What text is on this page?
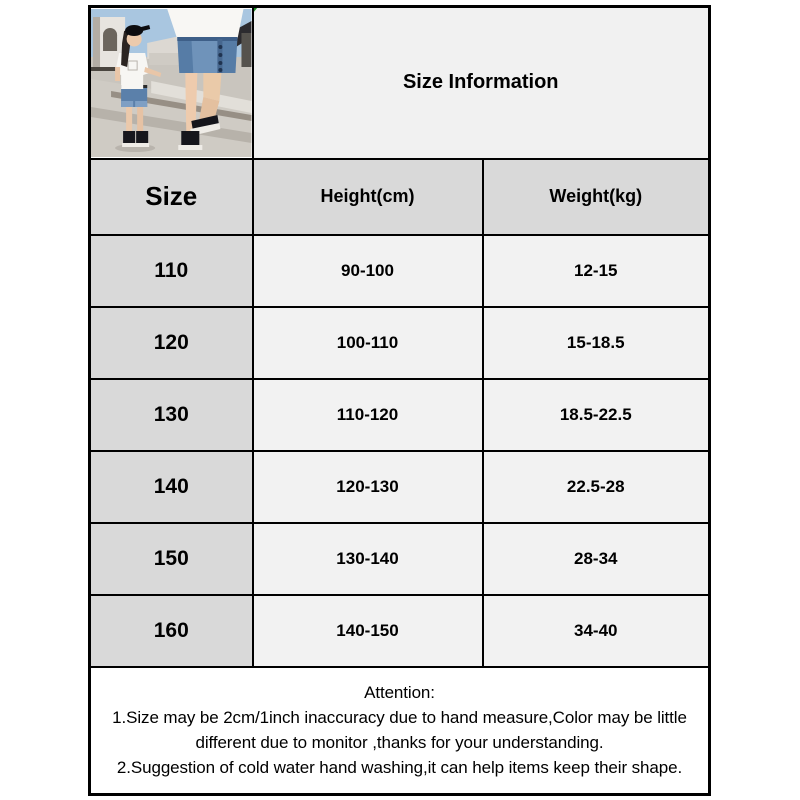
Size Information	
Size	Height(cm)	Weight(kg)
110	90-100	12-15
120	100-110	15-18.5
130	110-120	18.5-22.5
140	120-130	22.5-28
150	130-140	28-34
160	140-150	34-40

Attention:
1.Size may be 2cm/1inch inaccuracy due to hand measure,Color may be little
different due to monitor ,thanks for your understanding.
2.Suggestion of cold water hand washing,it can help items keep their shape.		
